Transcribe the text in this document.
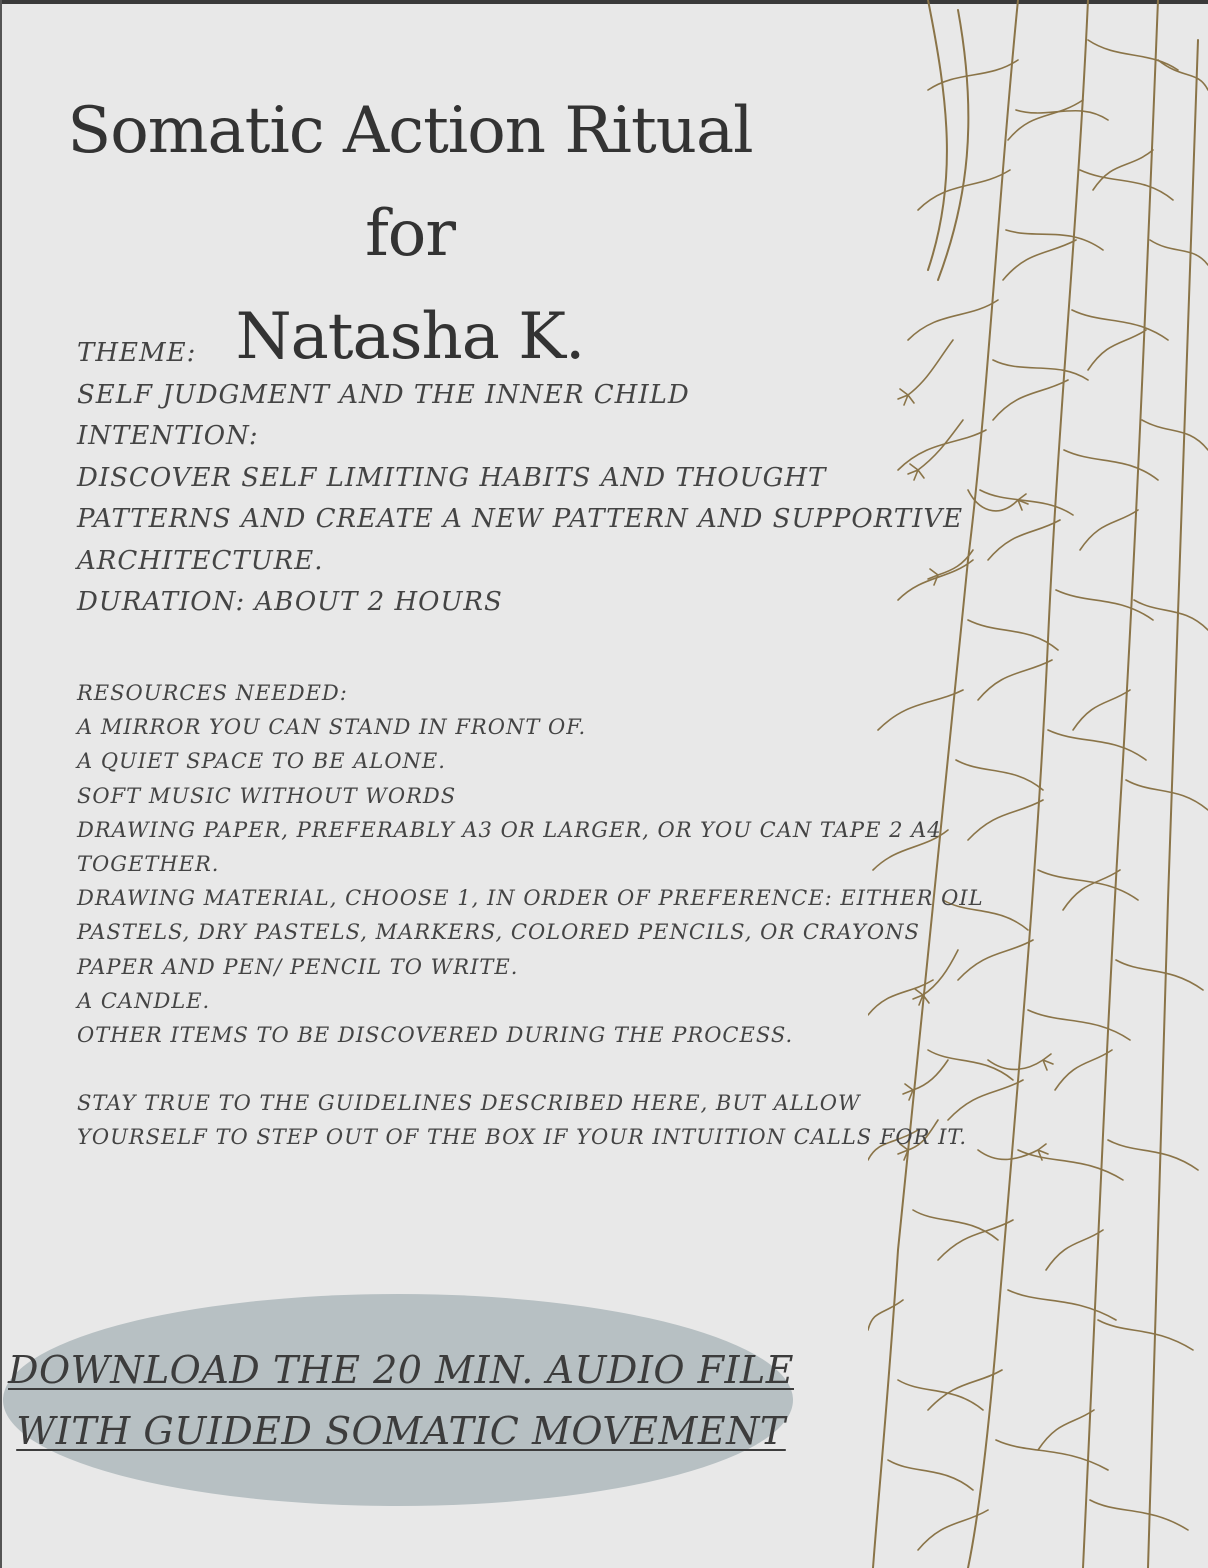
Somatic Action Ritual for
Natasha K.
THEME:
SELF JUDGMENT AND THE INNER CHILD
INTENTION:
DISCOVER SELF LIMITING HABITS AND THOUGHT
PATTERNS AND CREATE A NEW PATTERN AND SUPPORTIVE
ARCHITECTURE.
DURATION: ABOUT 2 HOURS
RESOURCES NEEDED:
A MIRROR YOU CAN STAND IN FRONT OF.
A QUIET SPACE TO BE ALONE.
SOFT MUSIC WITHOUT WORDS
DRAWING PAPER, PREFERABLY A3 OR LARGER, OR YOU CAN TAPE 2 A4
TOGETHER.
DRAWING MATERIAL, CHOOSE 1, IN ORDER OF PREFERENCE: EITHER OIL
PASTELS, DRY PASTELS, MARKERS, COLORED PENCILS, OR CRAYONS
PAPER AND PEN/ PENCIL TO WRITE.
A CANDLE.
OTHER ITEMS TO BE DISCOVERED DURING THE PROCESS.
STAY TRUE TO THE GUIDELINES DESCRIBED HERE, BUT ALLOW
YOURSELF TO STEP OUT OF THE BOX IF YOUR INTUITION CALLS FOR IT.
DOWNLOAD THE 20 MIN. AUDIO FILE
WITH GUIDED SOMATIC MOVEMENT
